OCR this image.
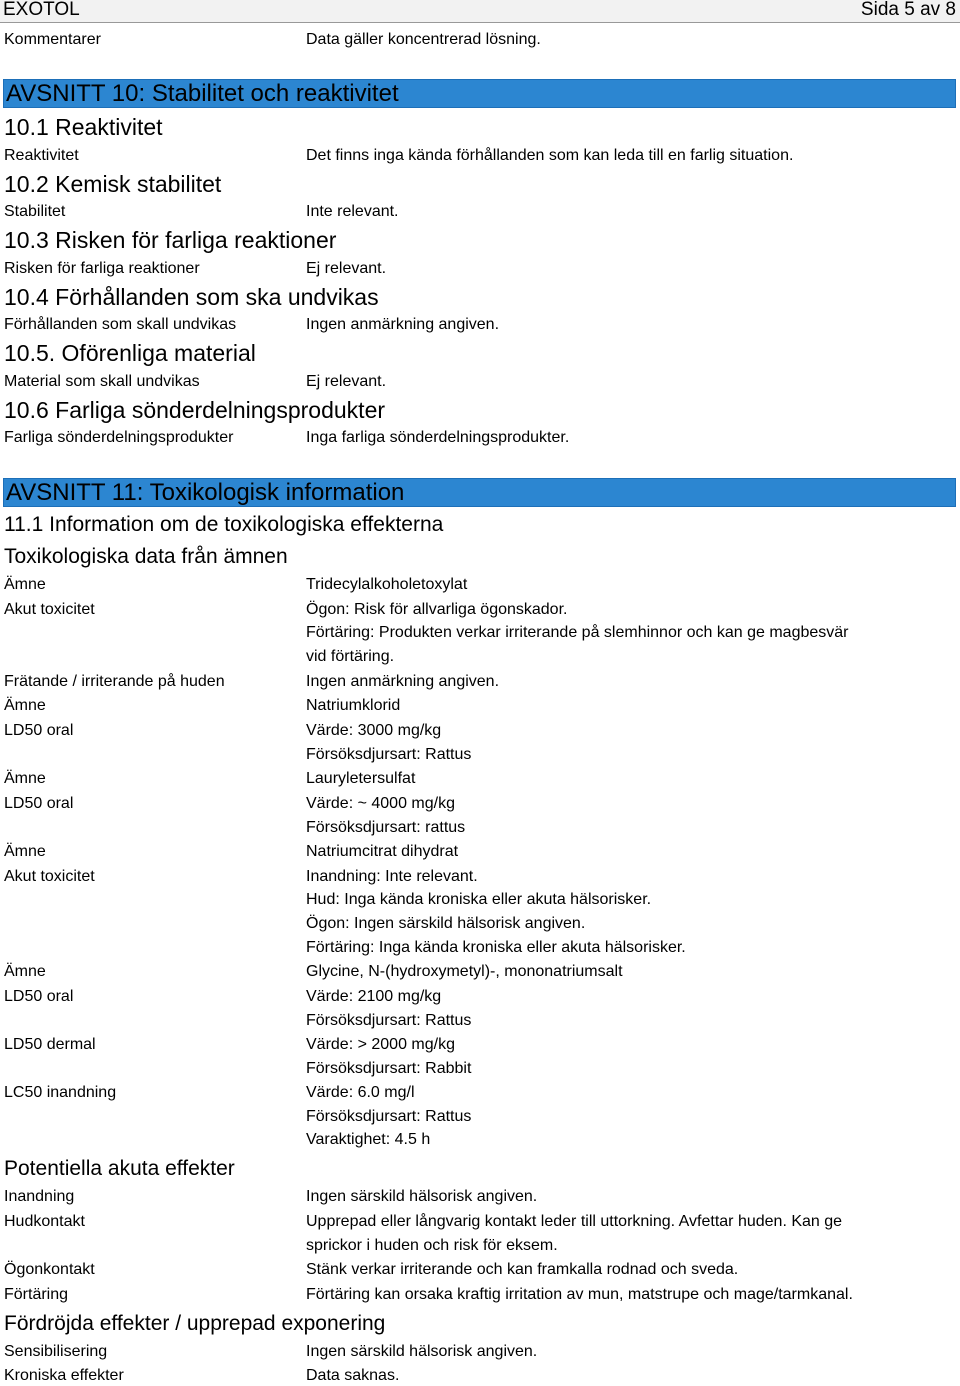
EXOTOL	Sida 5 av 8
Kommentarer	Data gäller koncentrerad lösning.
AVSNITT 10: Stabilitet och reaktivitet
10.1 Reaktivitet
Reaktivitet	Det finns inga kända förhållanden som kan leda till en farlig situation.
10.2 Kemisk stabilitet
Stabilitet	Inte relevant.
10.3 Risken för farliga reaktioner
Risken för farliga reaktioner	Ej relevant.
10.4 Förhållanden som ska undvikas
Förhållanden som skall undvikas	Ingen anmärkning angiven.
10.5. Oförenliga material
Material som skall undvikas	Ej relevant.
10.6 Farliga sönderdelningsprodukter
Farliga sönderdelningsprodukter	Inga farliga sönderdelningsprodukter.
AVSNITT 11: Toxikologisk information
11.1 Information om de toxikologiska effekterna
Toxikologiska data från ämnen
Ämne	Tridecylalkoholetoxylat
Akut toxicitet	Ögon: Risk för allvarliga ögonskador.
Förtäring: Produkten verkar irriterande på slemhinnor och kan ge magbesvär
vid förtäring.
Frätande / irriterande på huden	Ingen anmärkning angiven.
Ämne	Natriumklorid
LD50 oral	Värde: 3000 mg/kg
Försöksdjursart: Rattus
Ämne	Lauryletersulfat
LD50 oral	Värde: ~ 4000 mg/kg
Försöksdjursart: rattus
Ämne	Natriumcitrat dihydrat
Akut toxicitet	Inandning: Inte relevant.
Hud: Inga kända kroniska eller akuta hälsorisker.
Ögon: Ingen särskild hälsorisk angiven.
Förtäring: Inga kända kroniska eller akuta hälsorisker.
Ämne	Glycine, N-(hydroxymetyl)-, mononatriumsalt
LD50 oral	Värde: 2100 mg/kg
Försöksdjursart: Rattus
LD50 dermal	Värde: > 2000 mg/kg
Försöksdjursart: Rabbit
LC50 inandning	Värde: 6.0 mg/l
Försöksdjursart: Rattus
Varaktighet: 4.5 h
Potentiella akuta effekter
Inandning	Ingen särskild hälsorisk angiven.
Hudkontakt	Upprepad eller långvarig kontakt leder till uttorkning. Avfettar huden. Kan ge
sprickor i huden och risk för eksem.
Ögonkontakt	Stänk verkar irriterande och kan framkalla rodnad och sveda.
Förtäring	Förtäring kan orsaka kraftig irritation av mun, matstrupe och mage/tarmkanal.
Fördröjda effekter / upprepad exponering
Sensibilisering	Ingen särskild hälsorisk angiven.
Kroniska effekter	Data saknas.
